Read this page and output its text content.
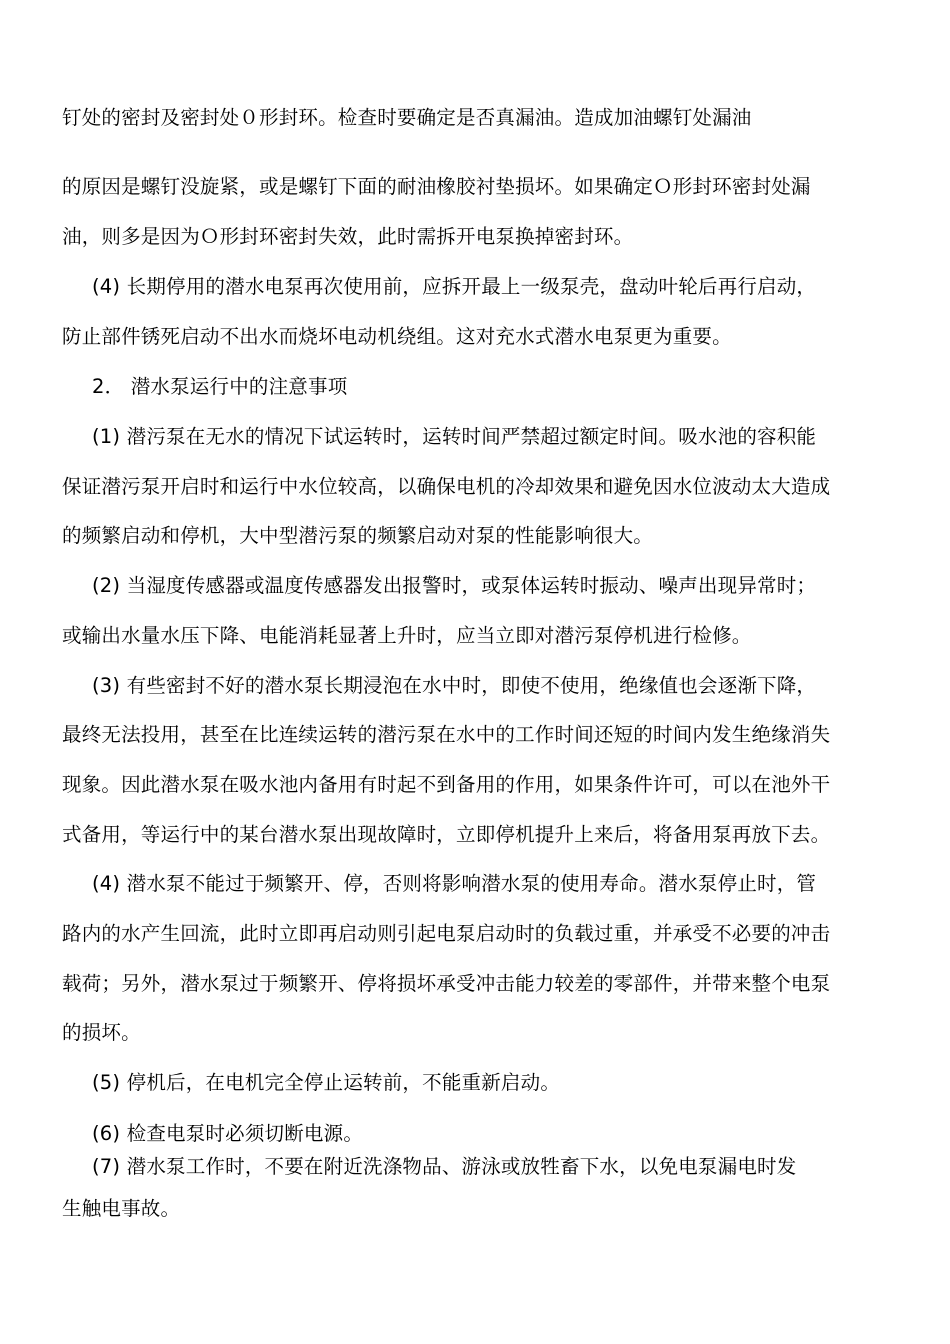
钉处的密封及密封处０形封环。检查时要确定是否真漏油。造成加油螺钉处漏油
的原因是螺钉没旋紧，或是螺钉下面的耐油橡胶衬垫损坏。如果确定Ｏ形封环密封处漏
油，则多是因为Ｏ形封环密封失效，此时需拆开电泵换掉密封环。
(4) 长期停用的潜水电泵再次使用前，应拆开最上一级泵壳，盘动叶轮后再行启动，
防止部件锈死启动不出水而烧坏电动机绕组。这对充水式潜水电泵更为重要。
2． 潜水泵运行中的注意事项
(1) 潜污泵在无水的情况下试运转时，运转时间严禁超过额定时间。吸水池的容积能
保证潜污泵开启时和运行中水位较高，以确保电机的冷却效果和避免因水位波动太大造成
的频繁启动和停机，大中型潜污泵的频繁启动对泵的性能影响很大。
(2) 当湿度传感器或温度传感器发出报警时，或泵体运转时振动、噪声出现异常时；
或输出水量水压下降、电能消耗显著上升时，应当立即对潜污泵停机进行检修。
(3) 有些密封不好的潜水泵长期浸泡在水中时，即使不使用，绝缘值也会逐渐下降，
最终无法投用，甚至在比连续运转的潜污泵在水中的工作时间还短的时间内发生绝缘消失
现象。因此潜水泵在吸水池内备用有时起不到备用的作用，如果条件许可，可以在池外干
式备用，等运行中的某台潜水泵出现故障时，立即停机提升上来后，将备用泵再放下去。
(4) 潜水泵不能过于频繁开、停，否则将影响潜水泵的使用寿命。潜水泵停止时，管
路内的水产生回流，此时立即再启动则引起电泵启动时的负载过重，并承受不必要的冲击
载荷；另外，潜水泵过于频繁开、停将损坏承受冲击能力较差的零部件，并带来整个电泵
的损坏。
(5) 停机后，在电机完全停止运转前，不能重新启动。
(6) 检查电泵时必须切断电源。
(7) 潜水泵工作时，不要在附近洗涤物品、游泳或放牲畜下水，以免电泵漏电时发
生触电事故。
